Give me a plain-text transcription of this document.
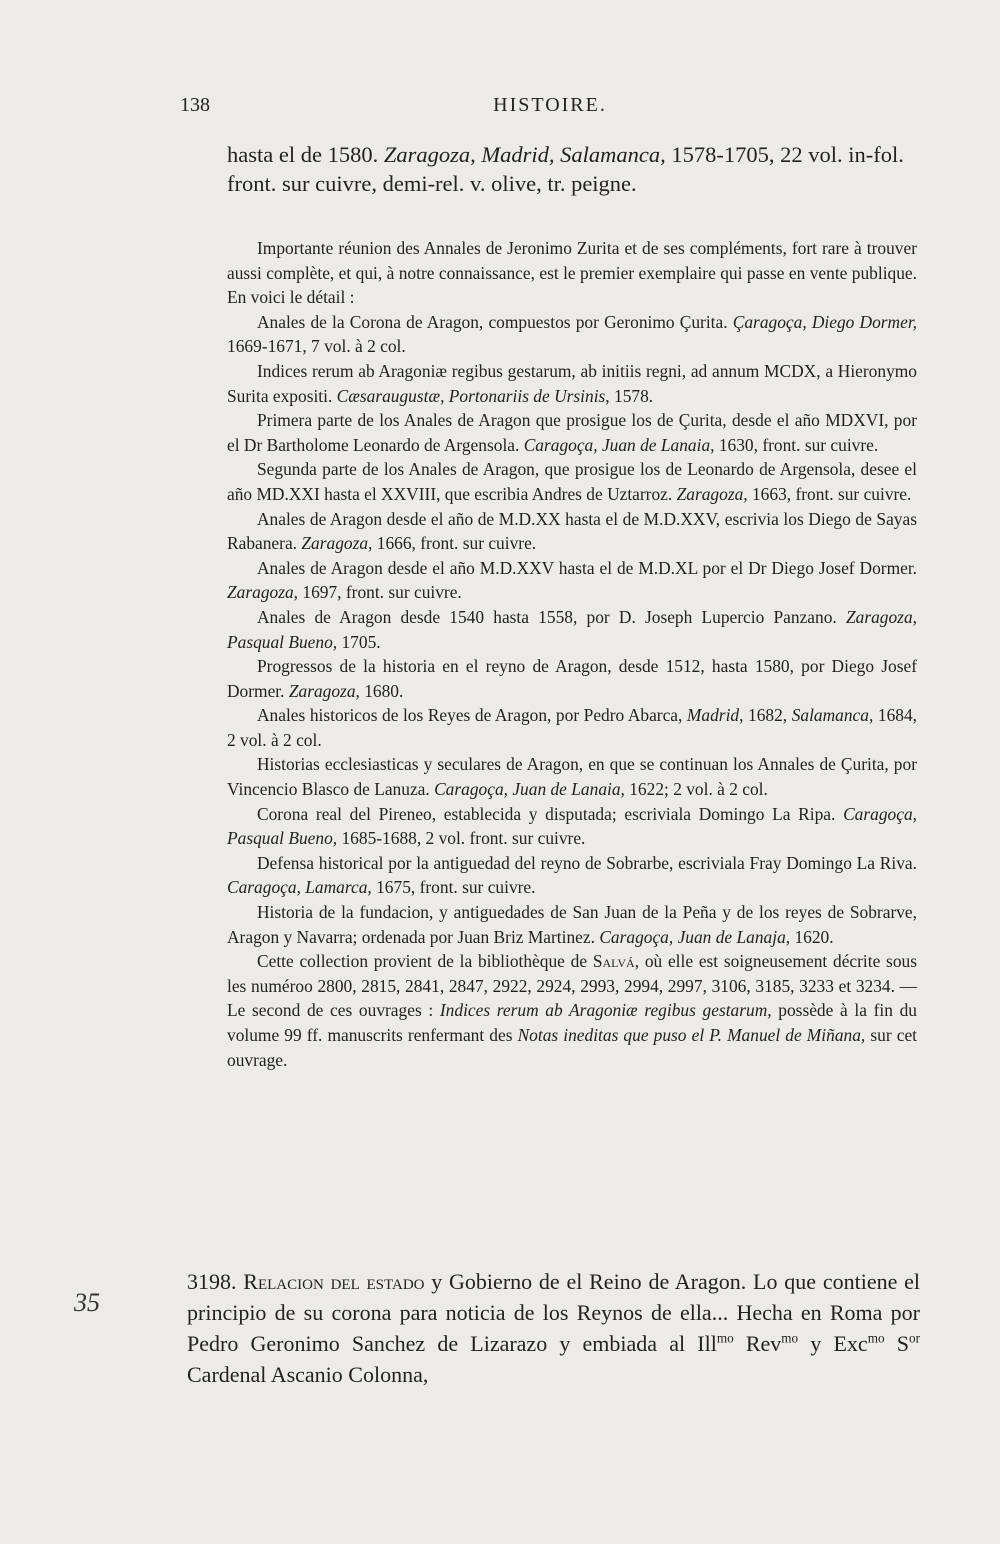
138	HISTOIRE.
hasta el de 1580. Zaragoza, Madrid, Salamanca, 1578-1705, 22 vol. in-fol. front. sur cuivre, demi-rel. v. olive, tr. peigne.

Importante réunion des Annales de Jeronimo Zurita et de ses compléments, fort rare à trouver aussi complète, et qui, à notre connaissance, est le premier exemplaire qui passe en vente publique. En voici le détail :

Anales de la Corona de Aragon, compuestos por Geronimo Çurita. Çaragoça, Diego Dormer, 1669-1671, 7 vol. à 2 col.

Indices rerum ab Aragoniæ regibus gestarum, ab initiis regni, ad annum MCDX, a Hieronymo Surita expositi. Cæsaraugustæ, Portonariis de Ursinis, 1578.

Primera parte de los Anales de Aragon que prosigue los de Çurita, desde el año MDXVI, por el Dr Bartholome Leonardo de Argensola. Caragoça, Juan de Lanaia, 1630, front. sur cuivre.

Segunda parte de los Anales de Aragon, que prosigue los de Leonardo de Argensola, desee el año MD.XXI hasta el XXVIII, que escribia Andres de Uztarroz. Zaragoza, 1663, front. sur cuivre.

Anales de Aragon desde el año de M.D.XX hasta el de M.D.XXV, escrivia los Diego de Sayas Rabanera. Zaragoza, 1666, front. sur cuivre.

Anales de Aragon desde el año M.D.XXV hasta el de M.D.XL por el Dr Diego Josef Dormer. Zaragoza, 1697, front. sur cuivre.

Anales de Aragon desde 1540 hasta 1558, por D. Joseph Lupercio Panzano. Zaragoza, Pasqual Bueno, 1705.

Progressos de la historia en el reyno de Aragon, desde 1512, hasta 1580, por Diego Josef Dormer. Zaragoza, 1680.

Anales historicos de los Reyes de Aragon, por Pedro Abarca, Madrid, 1682, Salamanca, 1684, 2 vol. à 2 col.

Historias ecclesiasticas y seculares de Aragon, en que se continuan los Annales de Çurita, por Vincencio Blasco de Lanuza. Caragoça, Juan de Lanaia, 1622; 2 vol. à 2 col.

Corona real del Pireneo, establecida y disputada; escriviala Domingo La Ripa. Caragoça, Pasqual Bueno, 1685-1688, 2 vol. front. sur cuivre.

Defensa historical por la antiguedad del reyno de Sobrarbe, escriviala Fray Domingo La Riva. Caragoça, Lamarca, 1675, front. sur cuivre.

Historia de la fundacion, y antiguedades de San Juan de la Peña y de los reyes de Sobrarve, Aragon y Navarra; ordenada por Juan Briz Martinez. Caragoça, Juan de Lanaja, 1620.

Cette collection provient de la bibliothèque de Salvá, où elle est soigneusement décrite sous les numéroo 2800, 2815, 2841, 2847, 2922, 2924, 2993, 2994, 2997, 3106, 3185, 3233 et 3234. — Le second de ces ouvrages : Indices rerum ab Aragoniæ regibus gestarum, possède à la fin du volume 99 ff. manuscrits renfermant des Notas ineditas que puso el P. Manuel de Miñana, sur cet ouvrage.

3198. Relacion del estado y Gobierno de el Reino de Aragon. Lo que contiene el principio de su corona para noticia de los Reynos de ella... Hecha en Roma por Pedro Geronimo Sanchez de Lizarazo y embiada al Ill$^{mo}$ Rev$^{mo}$ y Exc$^{mo}$ $S^{or}$ Cardenal Ascanio Colonna,
35
